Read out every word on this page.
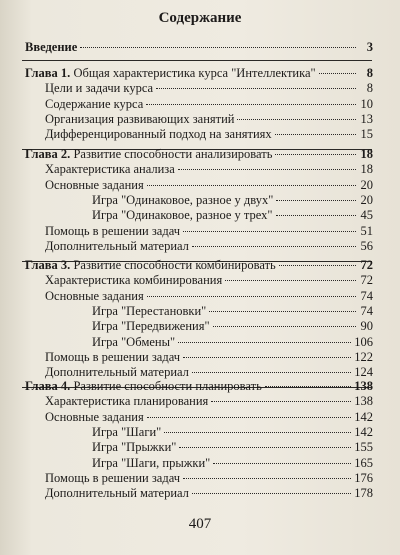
Содержание
Введение	3
Глава 1. Общая характеристика курса "Интеллектика"	8
Цели и задачи курса	8
Содержание курса	10
Организация развивающих занятий	13
Дифференцированный подход на занятиях	15
Глава 2. Развитие способности анализировать	18
Характеристика анализа	18
Основные задания	20
Игра "Одинаковое, разное у двух"	20
Игра "Одинаковое, разное у трех"	45
Помощь в решении задач	51
Дополнительный материал	56
Глава 3. Развитие способности комбинировать	72
Характеристика комбинирования	72
Основные задания	74
Игра "Перестановки"	74
Игра "Передвижения"	90
Игра "Обмены"	106
Помощь в решении задач	122
Дополнительный материал	124
Глава 4. Развитие способности планировать	138
Характеристика планирования	138
Основные задания	142
Игра "Шаги"	142
Игра "Прыжки"	155
Игра "Шаги, прыжки"	165
Помощь в решении задач	176
Дополнительный материал	178
407
